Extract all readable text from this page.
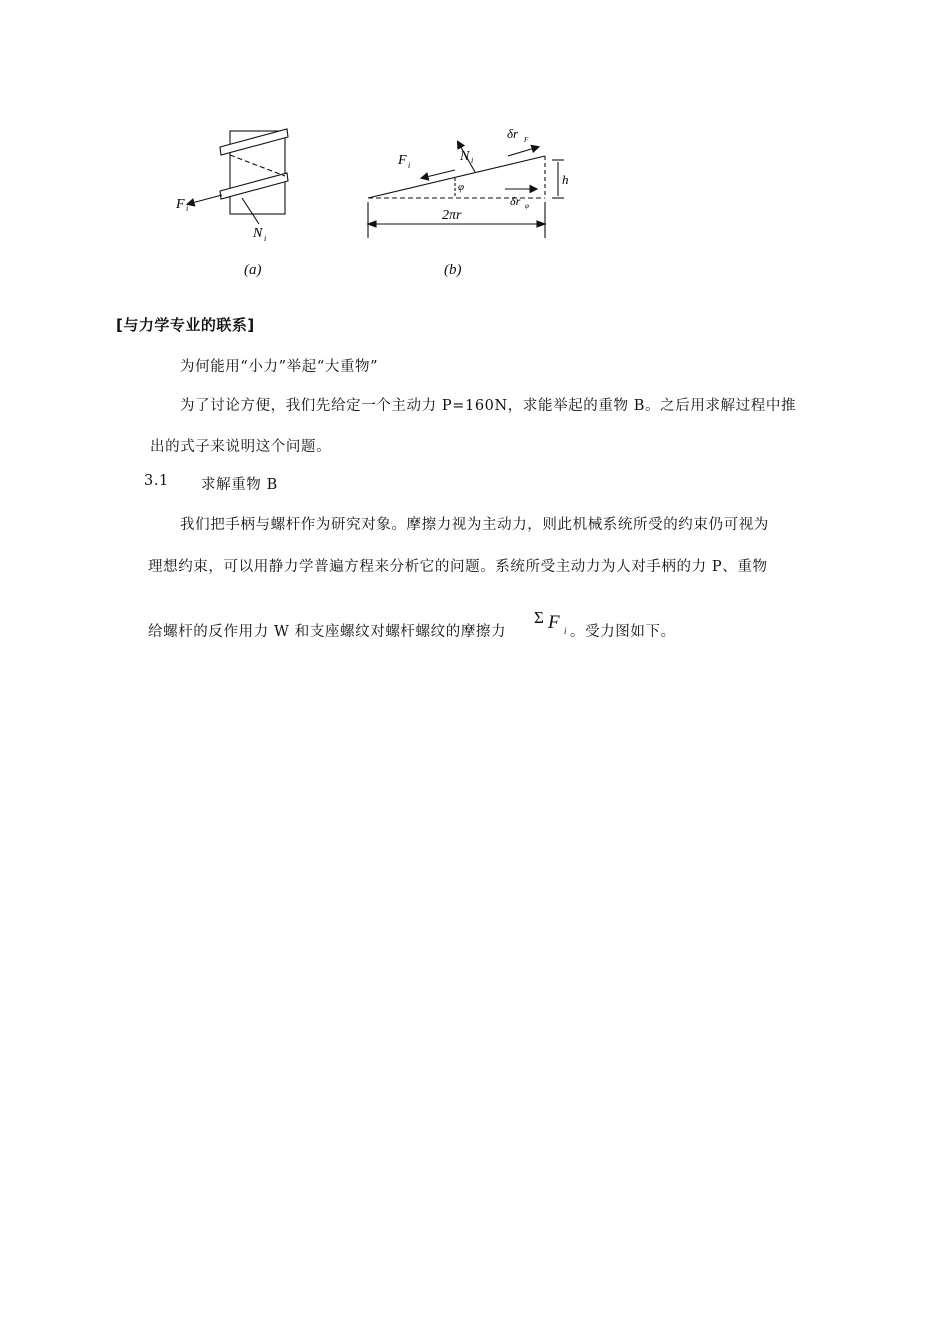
F i
N i
(a)
F i
N i
δr F
δr φ
φ	h
2πr
(b)
[与力学专业的联系]
为何能用“小力”举起“大重物”
为了讨论方便，我们先给定一个主动力 P=160N，求能举起的重物 B。之后用求解过程中推
出的式子来说明这个问题。
3.1 求解重物 B
我们把手柄与螺杆作为研究对象。摩擦力视为主动力，则此机械系统所受的约束仍可视为
理想约束，可以用静力学普遍方程来分析它的问题。系统所受主动力为人对手柄的力 P、重物
给螺杆的反作用力 W 和支座螺纹对螺杆螺纹的摩擦力
Σ F i 。受力图如下。
